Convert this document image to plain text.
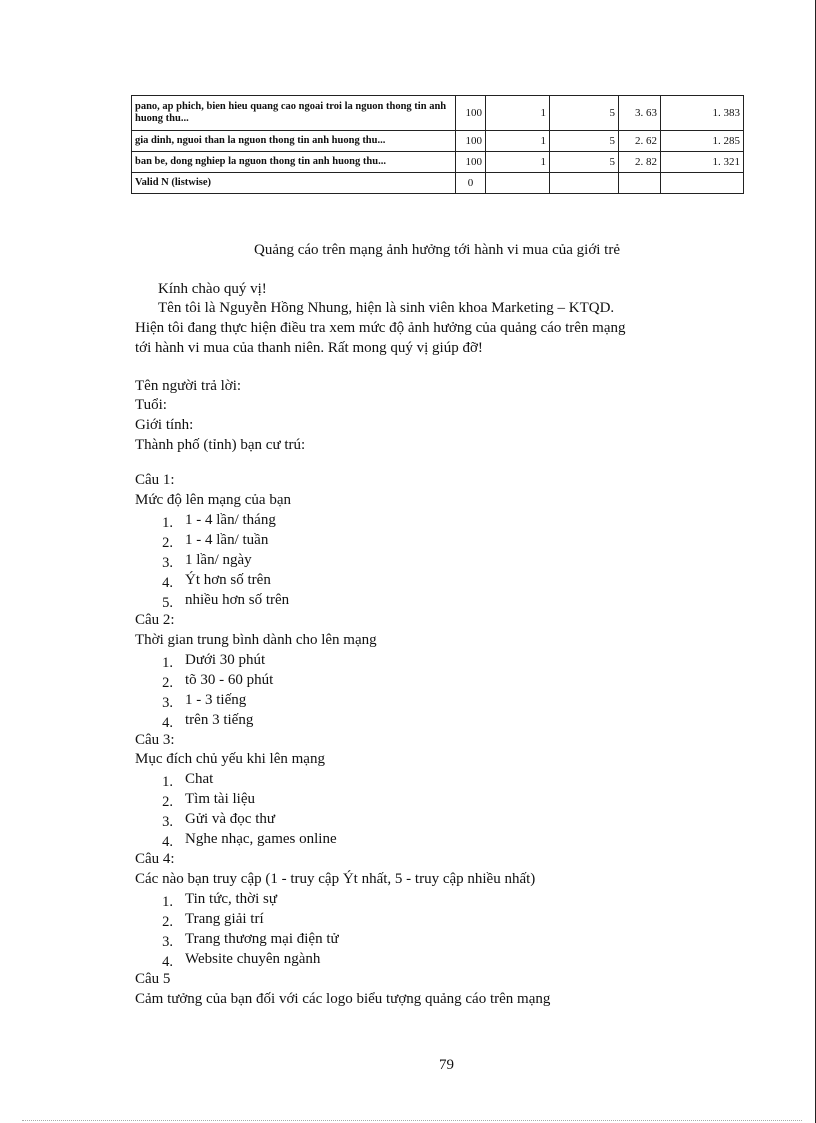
pano, ap phich, bien hieu quang cao ngoai troi la nguon thong tin anh huong thu...	100	1	5	3. 63	1. 383
gia dinh, nguoi than la nguon thong tin anh huong thu...	100	1	5	2. 62	1. 285
ban be, dong nghiep la nguon thong tin anh huong thu...	100	1	5	2. 82	1. 321
Valid N (listwise)	0				
Quảng cáo trên mạng ảnh hưởng tới hành vi mua của giới trẻ
Kính chào quý vị!
Tên tôi là Nguyễn Hồng Nhung, hiện là sinh viên khoa Marketing – KTQD.
Hiện tôi đang thực hiện điều tra xem mức độ ảnh hưởng của quảng cáo trên mạng
tới hành vi mua của thanh niên. Rất mong quý vị giúp đỡ!
Tên người trả lời:
Tuổi:
Giới tính:
Thành phố (tỉnh) bạn cư trú:
Câu 1:
Mức độ lên mạng của bạn
1. 1 - 4 lần/ tháng
2. 1 - 4 lần/ tuần
3. 1 lần/ ngày
4. Ýt hơn số trên
5. nhiều hơn số trên
Câu 2:
Thời gian trung bình dành cho lên mạng
1. Dưới 30 phút
2. tõ 30 - 60 phút
3. 1 - 3 tiếng
4. trên 3 tiếng
Câu 3:
Mục đích chủ yếu khi lên mạng
1. Chat
2. Tìm tài liệu
3. Gửi và đọc thư
4. Nghe nhạc, games online
Câu 4:
Các nào bạn truy cập (1 - truy cập Ýt nhất, 5 - truy cập nhiều nhất)
1. Tin tức, thời sự
2. Trang giải trí
3. Trang thương mại điện tử
4. Website chuyên ngành
Câu 5
Cảm tưởng của bạn đối với các logo biểu tượng quảng cáo trên mạng
79
